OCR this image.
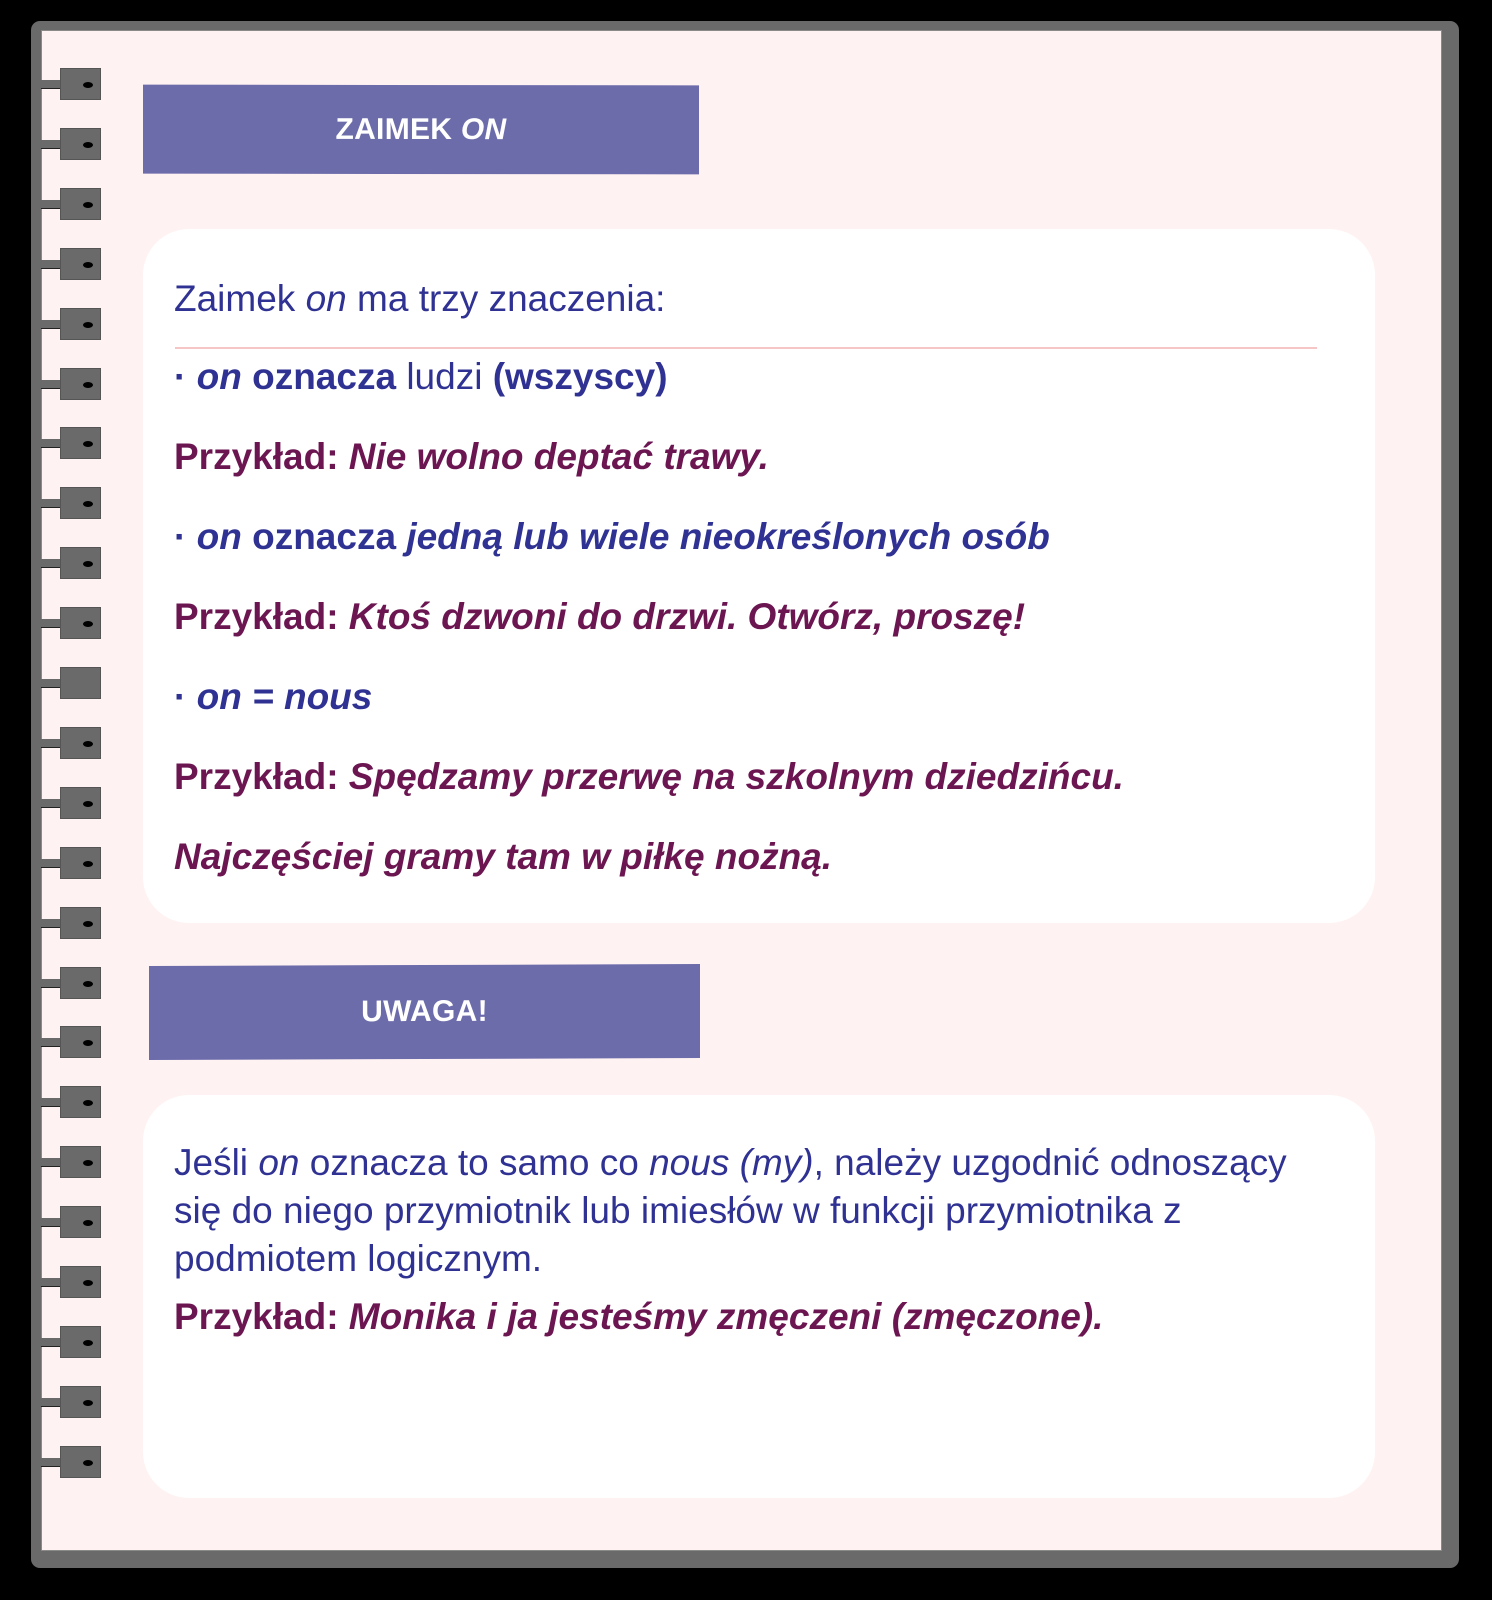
ZAIMEK ON
Zaimek on ma trzy znaczenia:
· on oznacza ludzi (wszyscy)
Przykład: Nie wolno deptać trawy.
· on oznacza jedną lub wiele nieokreślonych osób
Przykład: Ktoś dzwoni do drzwi. Otwórz, proszę!
· on = nous
Przykład: Spędzamy przerwę na szkolnym dziedzińcu.
Najczęściej gramy tam w piłkę nożną.
UWAGA!
Jeśli on oznacza to samo co nous (my), należy uzgodnić odnoszący się do niego przymiotnik lub imiesłów w funkcji przymiotnika z podmiotem logicznym.
Przykład: Monika i ja jesteśmy zmęczeni (zmęczone).
